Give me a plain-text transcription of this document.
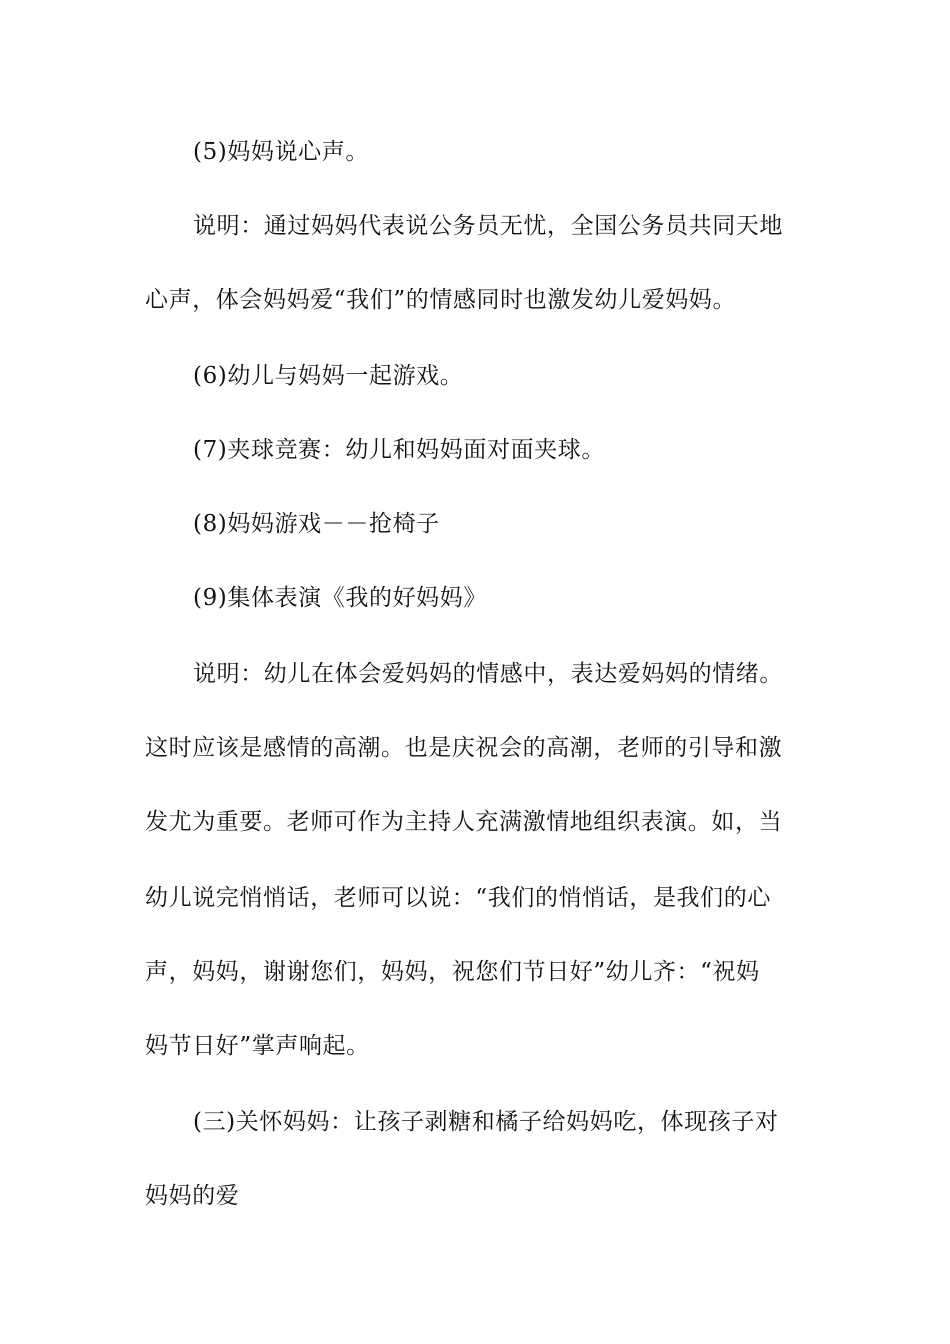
(5)妈妈说心声。
说明：通过妈妈代表说公务员无忧，全国公务员共同天地
心声，体会妈妈爱“我们”的情感同时也激发幼儿爱妈妈。
(6)幼儿与妈妈一起游戏。
(7)夹球竞赛：幼儿和妈妈面对面夹球。
(8)妈妈游戏－－抢椅子
(9)集体表演《我的好妈妈》
说明：幼儿在体会爱妈妈的情感中，表达爱妈妈的情绪。
这时应该是感情的高潮。也是庆祝会的高潮，老师的引导和激
发尤为重要。老师可作为主持人充满激情地组织表演。如，当
幼儿说完悄悄话，老师可以说：“我们的悄悄话，是我们的心
声，妈妈，谢谢您们，妈妈，祝您们节日好”幼儿齐：“祝妈
妈节日好”掌声响起。
(三)关怀妈妈：让孩子剥糖和橘子给妈妈吃，体现孩子对
妈妈的爱
